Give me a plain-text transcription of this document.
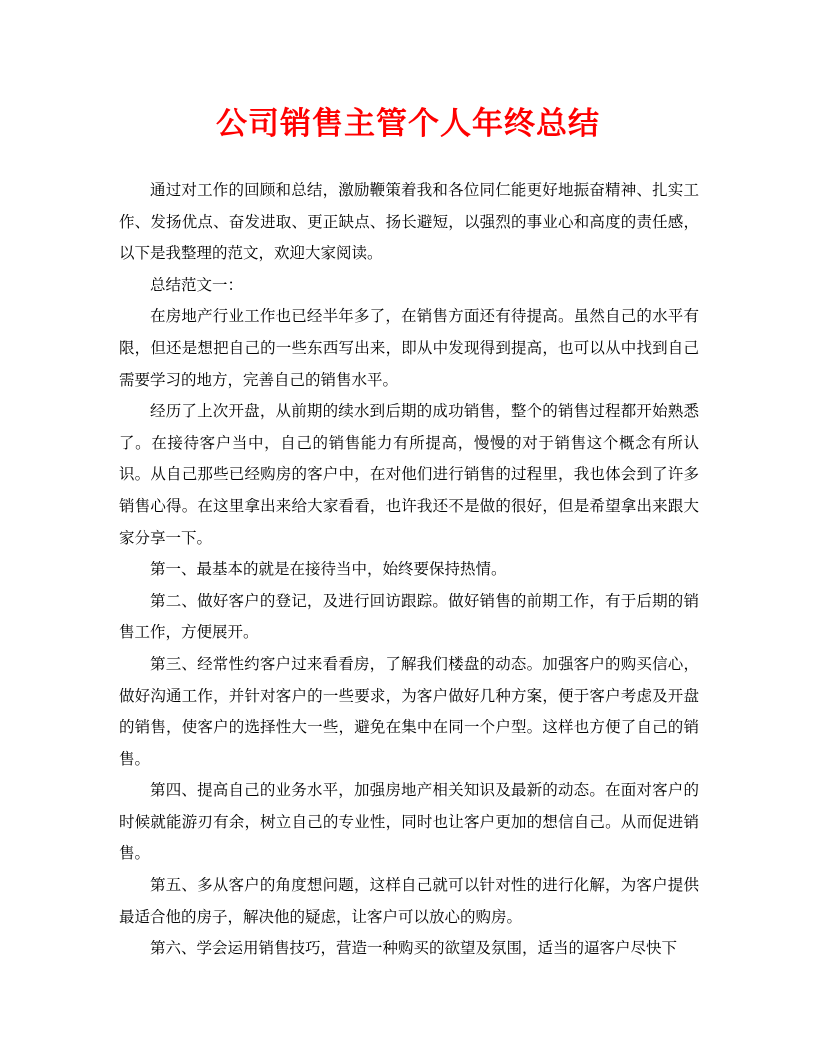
公司销售主管个人年终总结

通过对工作的回顾和总结，激励鞭策着我和各位同仁能更好地振奋精神、扎实工作、发扬优点、奋发进取、更正缺点、扬长避短，以强烈的事业心和高度的责任感，以下是我整理的范文，欢迎大家阅读。

总结范文一：

在房地产行业工作也已经半年多了，在销售方面还有待提高。虽然自己的水平有限，但还是想把自己的一些东西写出来，即从中发现得到提高，也可以从中找到自己需要学习的地方，完善自己的销售水平。

经历了上次开盘，从前期的续水到后期的成功销售，整个的销售过程都开始熟悉了。在接待客户当中，自己的销售能力有所提高，慢慢的对于销售这个概念有所认识。从自己那些已经购房的客户中，在对他们进行销售的过程里，我也体会到了许多销售心得。在这里拿出来给大家看看，也许我还不是做的很好，但是希望拿出来跟大家分享一下。

第一、最基本的就是在接待当中，始终要保持热情。

第二、做好客户的登记，及进行回访跟踪。做好销售的前期工作，有于后期的销售工作，方便展开。

第三、经常性约客户过来看看房，了解我们楼盘的动态。加强客户的购买信心，做好沟通工作，并针对客户的一些要求，为客户做好几种方案，便于客户考虑及开盘的销售，使客户的选择性大一些，避免在集中在同一个户型。这样也方便了自己的销售。

第四、提高自己的业务水平，加强房地产相关知识及最新的动态。在面对客户的时候就能游刃有余，树立自己的专业性，同时也让客户更加的想信自己。从而促进销售。

第五、多从客户的角度想问题，这样自己就可以针对性的进行化解，为客户提供最适合他的房子，解决他的疑虑，让客户可以放心的购房。

第六、学会运用销售技巧，营造一种购买的欲望及氛围，适当的逼客户尽快下
